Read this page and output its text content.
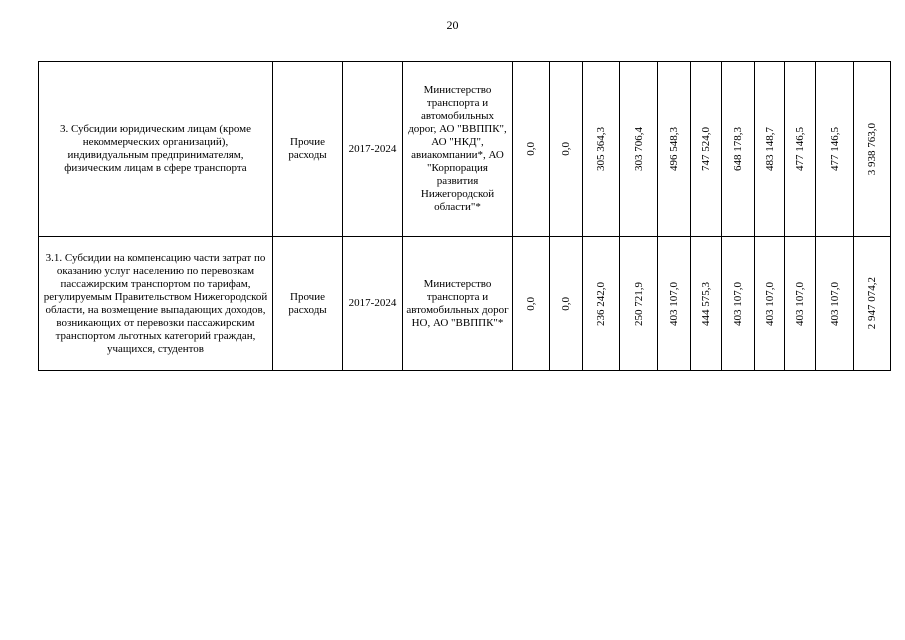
20
3. Субсидии юридическим лицам (кроме некоммерческих организаций), индивидуальным предпринимателям, физическим лицам в сфере транспорта	Прочие расходы	2017-2024	Министерство транспорта и автомобильных дорог, АО "ВВППК", АО "НКД", авиакомпании*, АО "Корпорация развития Нижегородской области"*	0,0	0,0	305 364,3	303 706,4	496 548,3	747 524,0	648 178,3	483 148,7	477 146,5	477 146,5	3 938 763,0

3.1. Субсидии на компенсацию части затрат по оказанию услуг населению по перевозкам пассажирским транспортом по тарифам, регулируемым Правительством Нижегородской области, на возмещение выпадающих доходов, возникающих от перевозки пассажирским транспортом льготных категорий граждан, учащихся, студентов	Прочие расходы	2017-2024	Министерство транспорта и автомобильных дорог НО, АО "ВВППК"*	0,0	0,0	236 242,0	250 721,9	403 107,0	444 575,3	403 107,0	403 107,0	403 107,0	403 107,0	2 947 074,2
